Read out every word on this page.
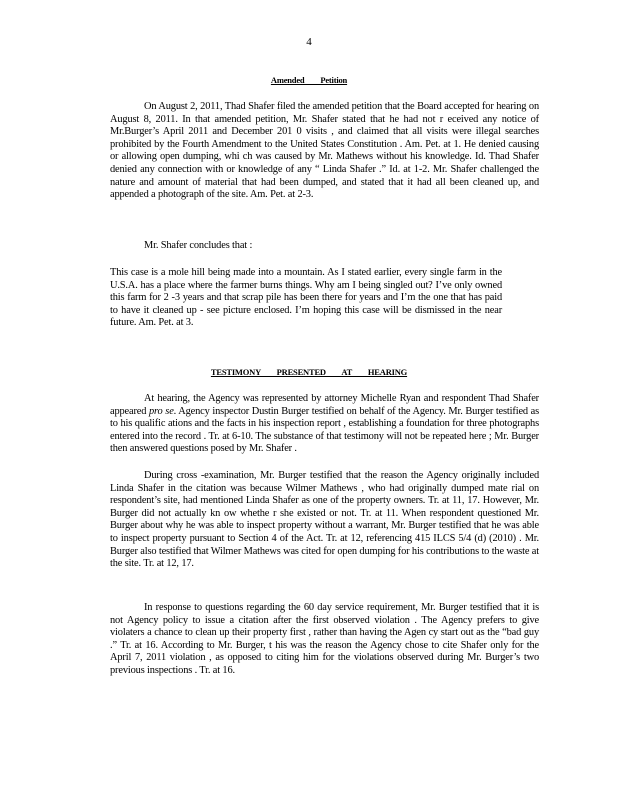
4
Amended Petition

On August 2, 2011, Thad Shafer filed the amended petition that the Board accepted for hearing on August 8, 2011. In that amended petition, Mr. Shafer stated that he had not r eceived any notice of Mr.Burger’s April 2011 and December 201 0 visits , and claimed that all visits were illegal searches prohibited by the Fourth Amendment to the United States Constitution . Am. Pet. at 1. He denied causing or allowing open dumping, whi ch was caused by Mr. Mathews without his knowledge. Id. Thad Shafer denied any connection with or knowledge of any “ Linda Shafer .” Id. at 1-2. Mr. Shafer challenged the nature and amount of material that had been dumped, and stated that it had all been cleaned up, and appended a photograph of the site. Am. Pet. at 2-3.

Mr. Shafer concludes that :

This case is a mole hill being made into a mountain. As I stated earlier, every single farm in the U.S.A. has a place where the farmer burns things. Why am I being singled out? I’ve only owned this farm for 2 -3 years and that scrap pile has been there for years and I’m the one that has paid to have it cleaned up - see picture enclosed. I’m hoping this case will be dismissed in the near future. Am. Pet. at 3.

TESTIMONY PRESENTED AT HEARING

At hearing, the Agency was represented by attorney Michelle Ryan and respondent Thad Shafer appeared pro se. Agency inspector Dustin Burger testified on behalf of the Agency. Mr. Burger testified as to his qualific ations and the facts in his inspection report , establishing a foundation for three photographs entered into the record . Tr. at 6-10. The substance of that testimony will not be repeated here ; Mr. Burger then answered questions posed by Mr. Shafer .

During cross -examination, Mr. Burger testified that the reason the Agency originally included Linda Shafer in the citation was because Wilmer Mathews , who had originally dumped mate rial on respondent’s site, had mentioned Linda Shafer as one of the property owners. Tr. at 11, 17. However, Mr. Burger did not actually kn ow whethe r she existed or not. Tr. at 11. When respondent questioned Mr. Burger about why he was able to inspect property without a warrant, Mr. Burger testified that he was able to inspect property pursuant to Section 4 of the Act. Tr. at 12, referencing 415 ILCS 5/4 (d) (2010) . Mr. Burger also testified that Wilmer Mathews was cited for open dumping for his contributions to the waste at the site. Tr. at 12, 17.

In response to questions regarding the 60 day service requirement, Mr. Burger testified that it is not Agency policy to issue a citation after the first observed violation . The Agency prefers to give violaters a chance to clean up their property first , rather than having the Agen cy start out as the “bad guy .” Tr. at 16. According to Mr. Burger, t his was the reason the Agency chose to cite Shafer only for the April 7, 2011 violation , as opposed to citing him for the violations observed during Mr. Burger’s two previous inspections . Tr. at 16.
